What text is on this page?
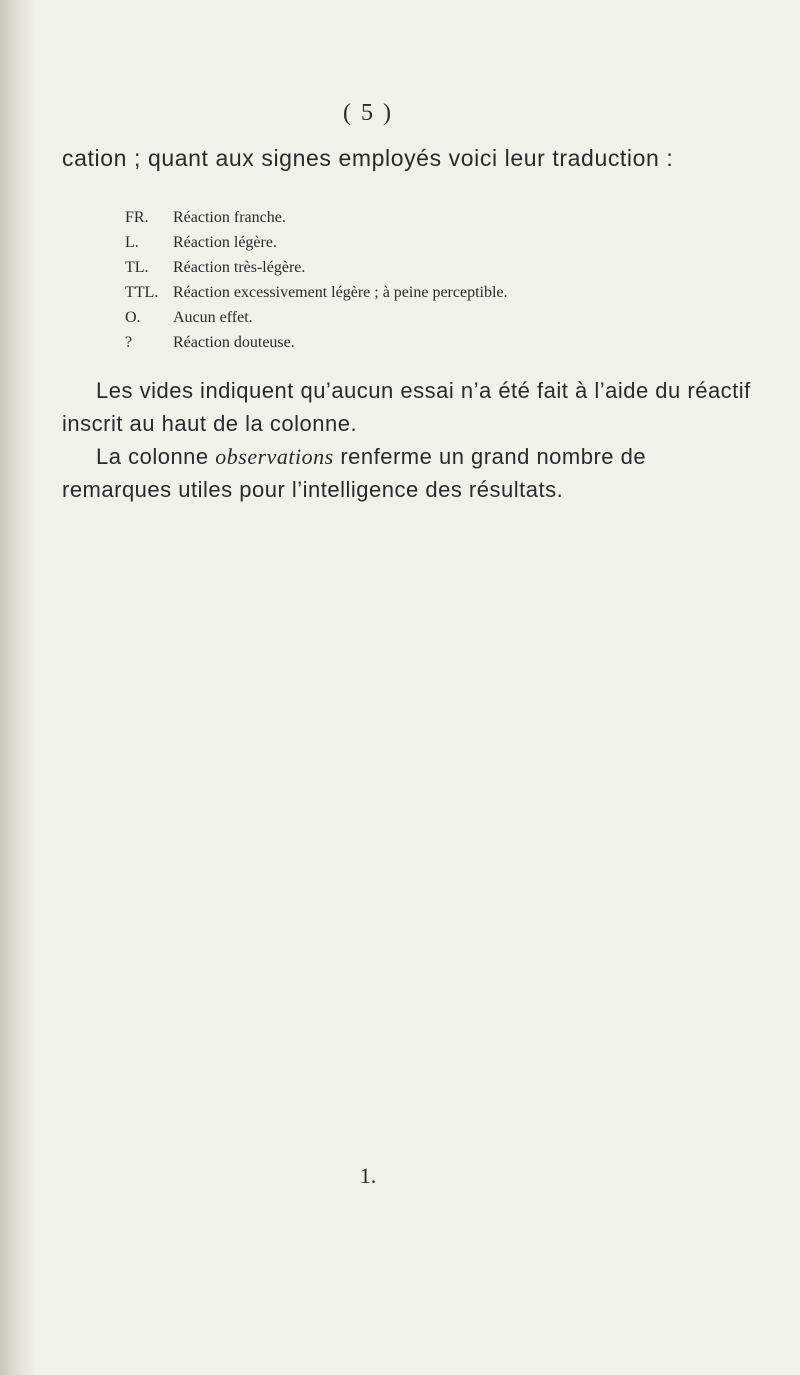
( 5 )
cation ; quant aux signes employés voici leur traduction :
FR.	Réaction franche.
L.	Réaction légère.
TL.	Réaction très-légère.
TTL. Réaction excessivement légère ; à peine perceptible.
O.	Aucun effet.
?	Réaction douteuse.

Les vides indiquent qu’aucun essai n’a été fait à l’aide du réactif inscrit au haut de la colonne.

La colonne observations renferme un grand nombre de remarques utiles pour l’intelligence des résultats.

1.
